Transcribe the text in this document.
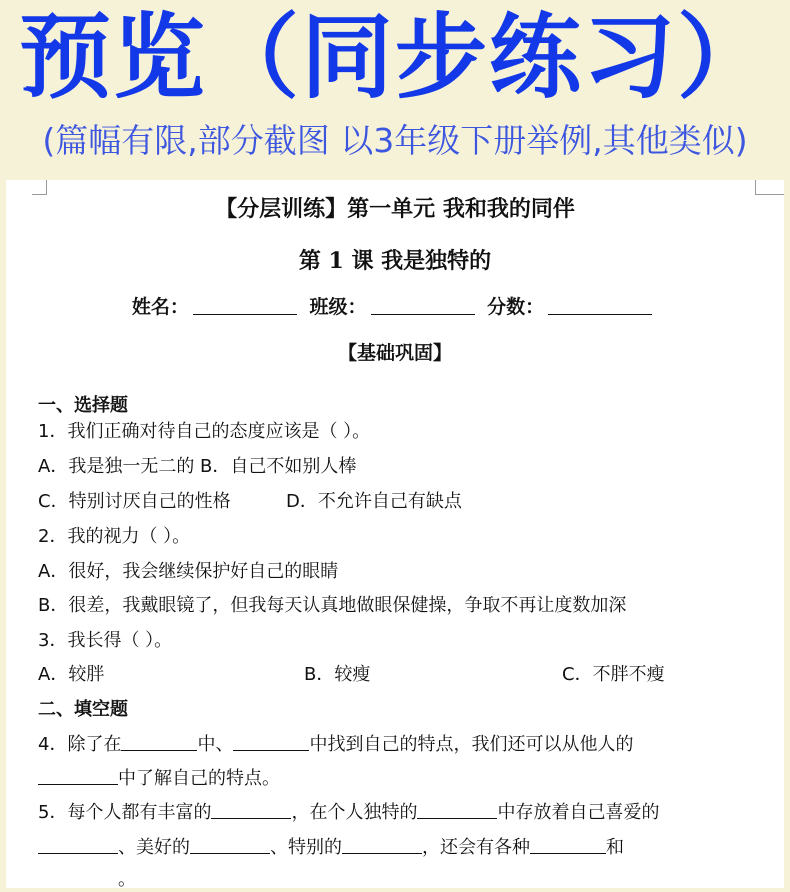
预览（同步练习）
(篇幅有限,部分截图 以3年级下册举例,其他类似)
【分层训练】第一单元 我和我的同伴
第 1 课 我是独特的
姓名：	班级：	分数：
【基础巩固】
一、选择题
1．我们正确对待自己的态度应该是（ ）。
A．我是独一无二的 B．自己不如别人棒
C．特别讨厌自己的性格	D．不允许自己有缺点
2．我的视力（ ）。
A．很好，我会继续保护好自己的眼睛
B．很差，我戴眼镜了，但我每天认真地做眼保健操，争取不再让度数加深
3．我长得（ ）。
A．较胖	B．较瘦	C．不胖不瘦
二、填空题
4．除了在	中、	中找到自己的特点，我们还可以从他人的
中了解自己的特点。
5．每个人都有丰富的	，在个人独特的	中存放着自己喜爱的
、美好的	、特别的	，还会有各种	和
。
